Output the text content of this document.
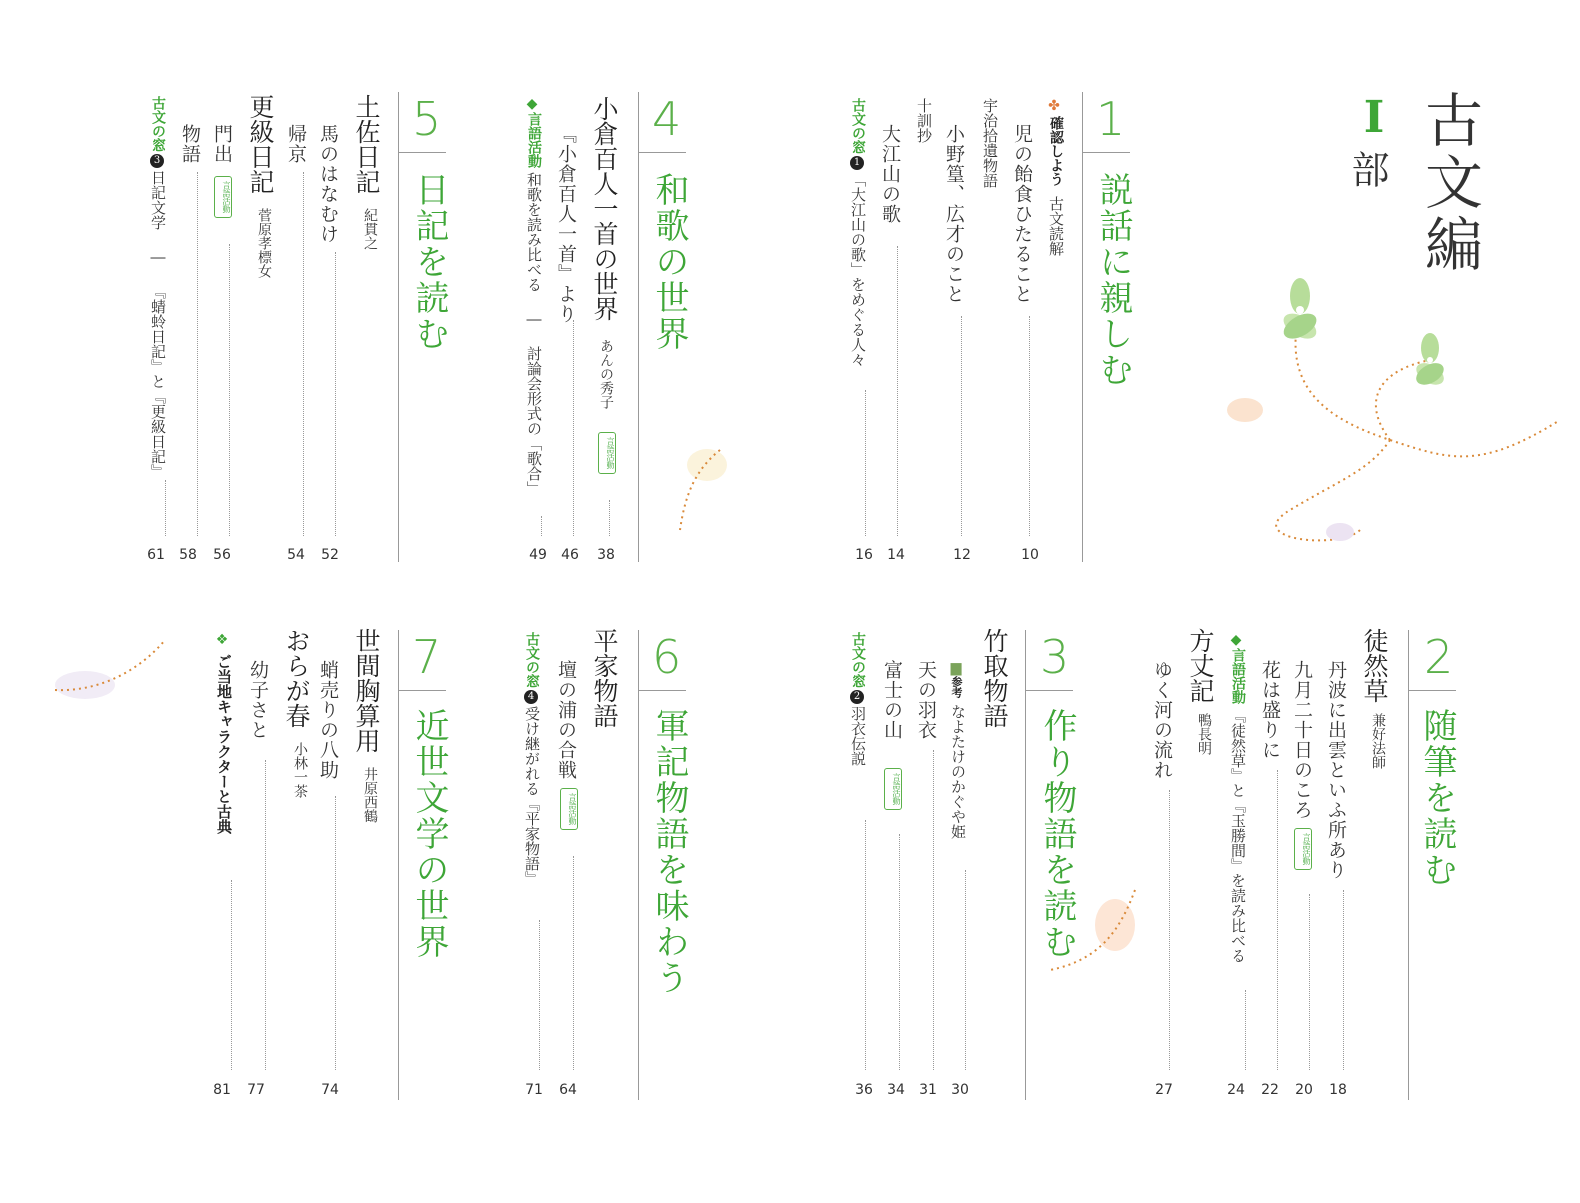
古文編
I
部
1
説話に親しむ
2
随筆を読む
3
作り物語を読む
4
和歌の世界
5
日記を読む
6
軍記物語を味わう
7
近世文学の世界
✤
確認しよう
古文読解
児の飴食ひたること
10
宇治拾遺物語
小野篁、広才のこと
12
十訓抄
大江山の歌
14
古文の窓
1
「大江山の歌」をめぐる人々
16
徒然草
兼好法師
丹波に出雲といふ所あり
18
九月二十日のころ
言語活動
20
花は盛りに
22
◆
言語活動
『徒然草』と『玉勝間』を読み比べる
24
方丈記
鴨長明
ゆく河の流れ
27
竹取物語
▆
参考
なよたけのかぐや姫
30
天の羽衣
31
富士の山
言語活動
34
古文の窓
2
羽衣伝説
36
小倉百人一首の世界
あんの秀子
言語活動
38
『小倉百人一首』より
46
◆
言語活動
和歌を読み比べる ― 討論会形式の「歌合」
49
土佐日記
紀貫之
馬のはなむけ
52
帰京
54
更級日記
菅原孝標女
門出
言語活動
56
物語
58
古文の窓
3
日記文学 ― 『蜻蛉日記』と『更級日記』
61
平家物語
壇の浦の合戦
言語活動
64
古文の窓
4
受け継がれる『平家物語』
71
世間胸算用
井原西鶴
蛸売りの八助
74
おらが春
小林一茶
幼子さと
77
❖
ご当地キャラクターと古典
81
